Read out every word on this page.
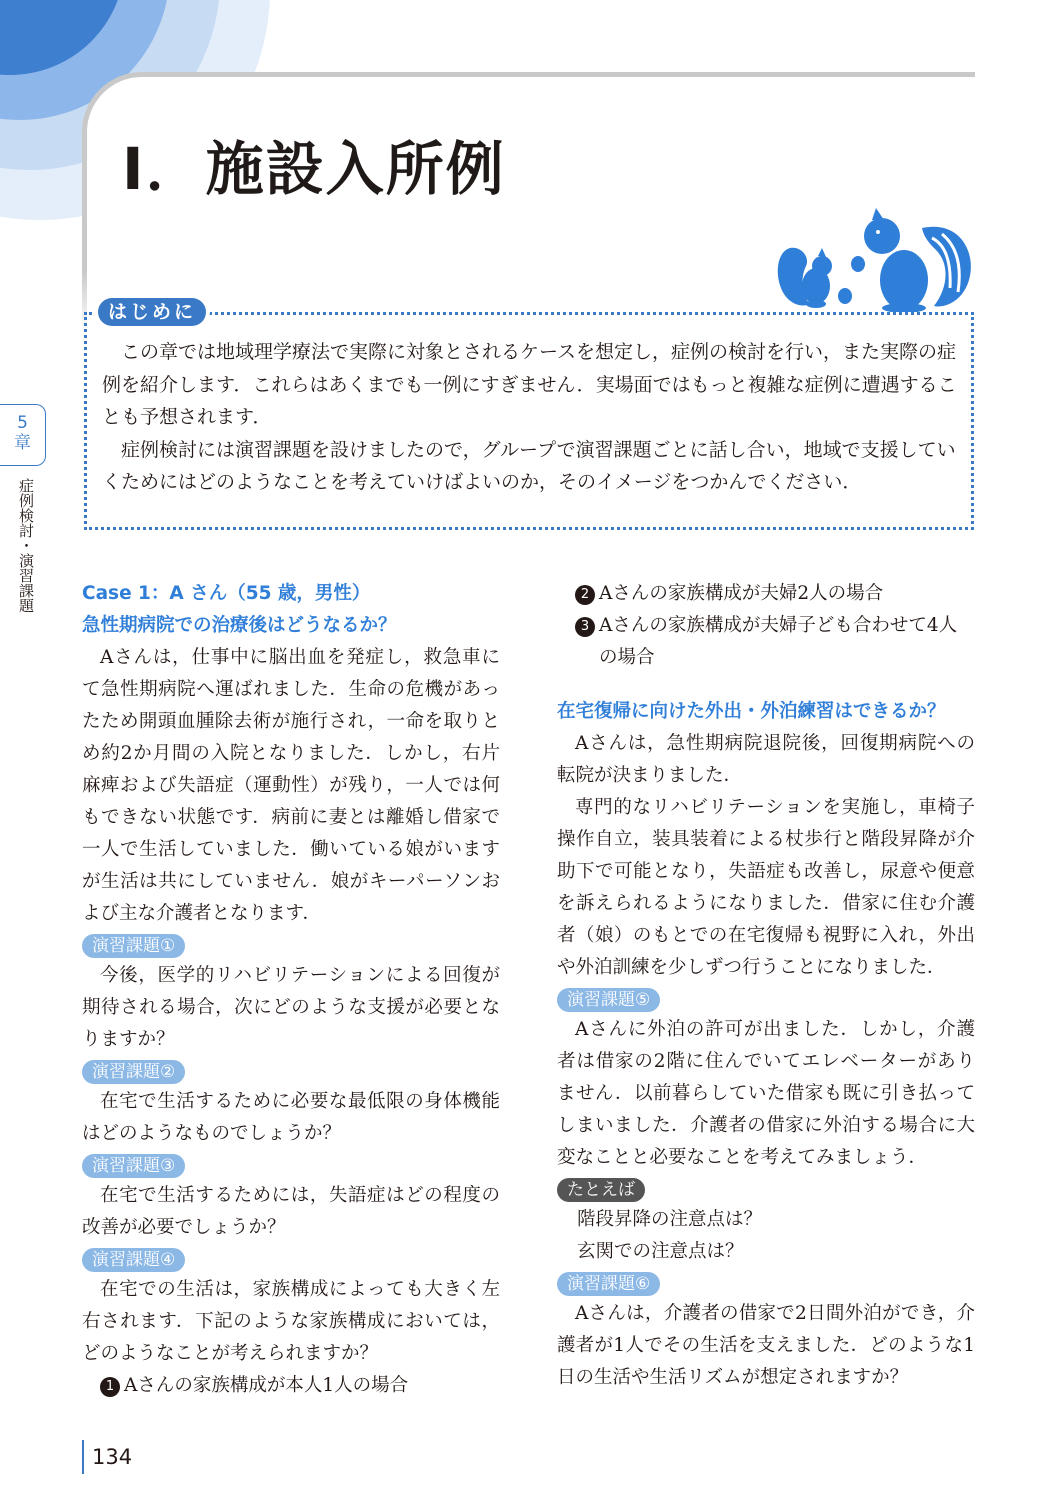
I．施設入所例
はじめに

この章では地域理学療法で実際に対象とされるケースを想定し，症例の検討を行い，また実際の症例を紹介します．これらはあくまでも一例にすぎません．実場面ではもっと複雑な症例に遭遇することも予想されます．

症例検討には演習課題を設けましたので，グループで演習課題ごとに話し合い，地域で支援していくためにはどのようなことを考えていけばよいのか，そのイメージをつかんでください．

5
章
症例検討・演習課題	Case 1：A さん（55 歳，男性）

急性期病院での治療後はどうなるか？

Aさんは，仕事中に脳出血を発症し，救急車にて急性期病院へ運ばれました．生命の危機があったため開頭血腫除去術が施行され，一命を取りとめ約2か月間の入院となりました．しかし，右片麻痺および失語症（運動性）が残り，一人では何もできない状態です．病前に妻とは離婚し借家で一人で生活していました．働いている娘がいますが生活は共にしていません．娘がキーパーソンおよび主な介護者となります．

演習課題①

今後，医学的リハビリテーションによる回復が期待される場合，次にどのような支援が必要となりますか？

演習課題②

在宅で生活するために必要な最低限の身体機能はどのようなものでしょうか？

演習課題③

在宅で生活するためには，失語症はどの程度の改善が必要でしょうか？

演習課題④

在宅での生活は，家族構成によっても大きく左右されます．下記のような家族構成においては，どのようなことが考えられますか？

1 Aさんの家族構成が本人1人の場合

2 Aさんの家族構成が夫婦2人の場合

3 Aさんの家族構成が夫婦子ども合わせて4人の場合

在宅復帰に向けた外出・外泊練習はできるか？

Aさんは，急性期病院退院後，回復期病院への転院が決まりました．

専門的なリハビリテーションを実施し，車椅子操作自立，装具装着による杖歩行と階段昇降が介助下で可能となり，失語症も改善し，尿意や便意を訴えられるようになりました．借家に住む介護者（娘）のもとでの在宅復帰も視野に入れ，外出や外泊訓練を少しずつ行うことになりました．

演習課題⑤

Aさんに外泊の許可が出ました．しかし，介護者は借家の2階に住んでいてエレベーターがありません．以前暮らしていた借家も既に引き払ってしまいました．介護者の借家に外泊する場合に大変なことと必要なことを考えてみましょう．

たとえば

階段昇降の注意点は？

玄関での注意点は？

演習課題⑥

Aさんは，介護者の借家で2日間外泊ができ，介護者が1人でその生活を支えました．どのような1日の生活や生活リズムが想定されますか？

134
